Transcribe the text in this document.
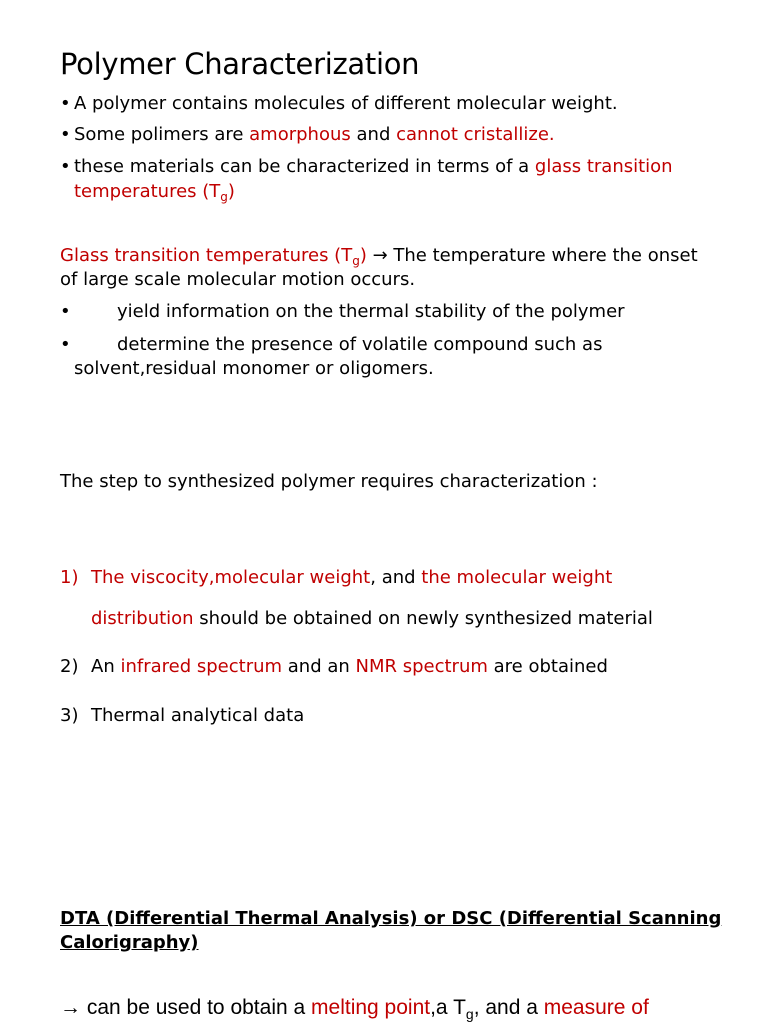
Polymer Characterization
• A polymer contains molecules of different molecular weight.
• Some polimers are amorphous and cannot cristallize.
• these materials can be characterized in terms of a glass transition
temperatures $(T_g)$
Glass transition temperatures $(T_g)$ → The temperature where the onset
of large scale molecular motion occurs.
•	yield information on the thermal stability of the polymer
•	determine the presence of volatile compound such as
solvent,residual monomer or oligomers.
The step to synthesized polymer requires characterization :
1) The viscocity,molecular weight, and the molecular weight
distribution should be obtained on newly synthesized material
2) An infrared spectrum and an NMR spectrum are obtained
3) Thermal analytical data
DTA (Differential Thermal Analysis) or DSC (Differential Scanning
Calorigraphy)
→ can be used to obtain a melting point,a $T_g$, and a measure of
